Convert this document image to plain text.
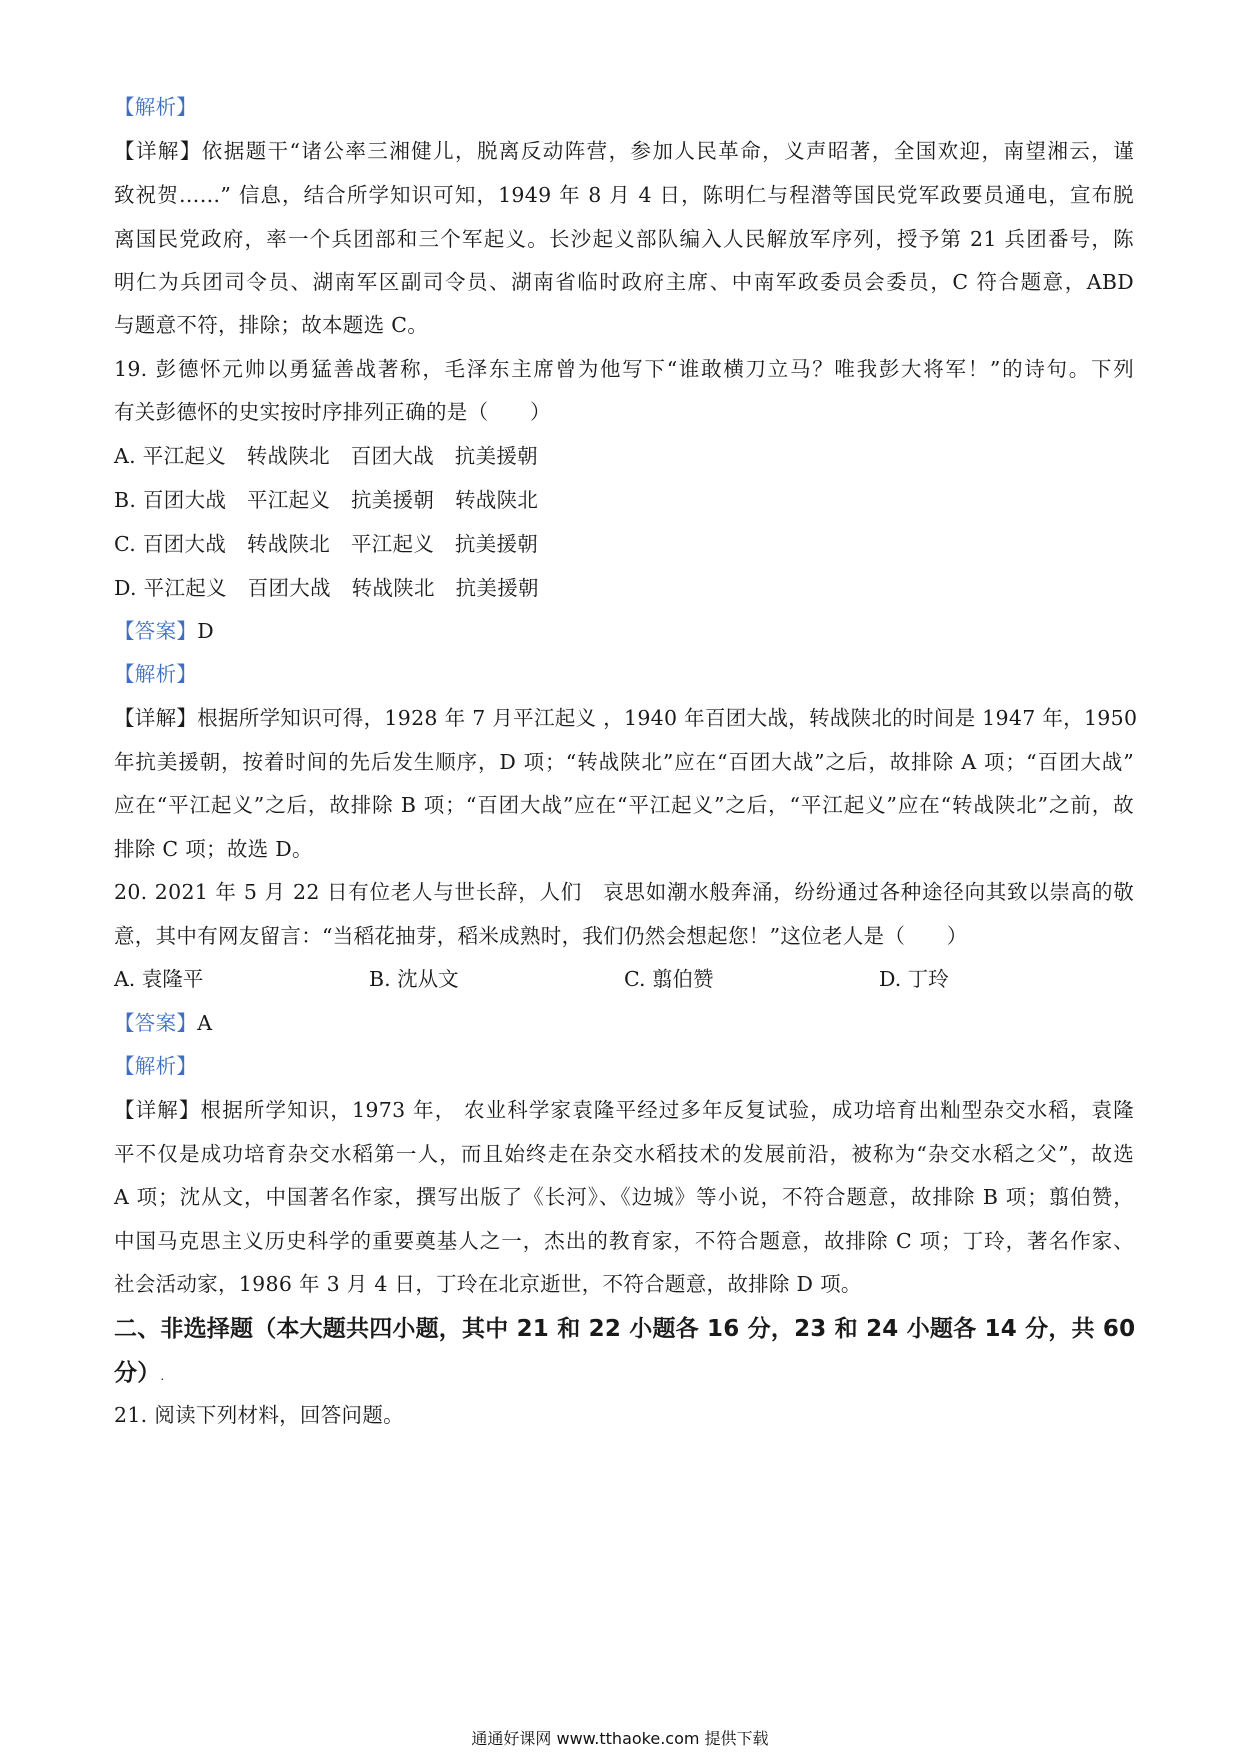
【解析】
【详解】依据题干“诸公率三湘健儿，脱离反动阵营，参加人民革命，义声昭著，全国欢迎，南望湘云，谨
致祝贺……” 信息，结合所学知识可知，1949 年 8 月 4 日，陈明仁与程潜等国民党军政要员通电，宣布脱
离国民党政府，率一个兵团部和三个军起义。长沙起义部队编入人民解放军序列，授予第 21 兵团番号，陈
明仁为兵团司令员、湖南军区副司令员、湖南省临时政府主席、中南军政委员会委员，C 符合题意，ABD
与题意不符，排除；故本题选 C。
19. 彭德怀元帅以勇猛善战著称，毛泽东主席曾为他写下“谁敢横刀立马？唯我彭大将军！”的诗句。下列
有关彭德怀的史实按时序排列正确的是（　　）
A. 平江起义　转战陕北　百团大战　抗美援朝
B. 百团大战　平江起义　抗美援朝　转战陕北
C. 百团大战　转战陕北　平江起义　抗美援朝
D. 平江起义　百团大战　转战陕北　抗美援朝
【答案】D
【解析】
【详解】根据所学知识可得，1928 年 7 月平江起义 ，1940 年百团大战，转战陕北的时间是 1947 年，1950
年抗美援朝，按着时间的先后发生顺序，D 项；“转战陕北”应在“百团大战”之后，故排除 A 项；“百团大战”
应在“平江起义”之后，故排除 B 项；“百团大战”应在“平江起义”之后，“平江起义”应在“转战陕北”之前，故
排除 C 项；故选 D。
20. 2021 年 5 月 22 日有位老人与世长辞，人们　哀思如潮水般奔涌，纷纷通过各种途径向其致以崇高的敬
意，其中有网友留言：“当稻花抽芽，稻米成熟时，我们仍然会想起您！”这位老人是（　　）
A. 袁隆平	B. 沈从文	C. 翦伯赞	D. 丁玲
【答案】A
【解析】
【详解】根据所学知识，1973 年， 农业科学家袁隆平经过多年反复试验，成功培育出籼型杂交水稻，袁隆
平不仅是成功培育杂交水稻第一人，而且始终走在杂交水稻技术的发展前沿，被称为“杂交水稻之父”，故选
A 项；沈从文，中国著名作家，撰写出版了《长河》、《边城》等小说，不符合题意，故排除 B 项；翦伯赞，
中国马克思主义历史科学的重要奠基人之一，杰出的教育家，不符合题意，故排除 C 项；丁玲，著名作家、
社会活动家，1986 年 3 月 4 日，丁玲在北京逝世，不符合题意，故排除 D 项。
二、非选择题（本大题共四小题，其中 21 和 22 小题各 16 分，23 和 24 小题各 14 分，共 60
分）.
21. 阅读下列材料，回答问题。
通通好课网 www.tthaoke.com 提供下载
